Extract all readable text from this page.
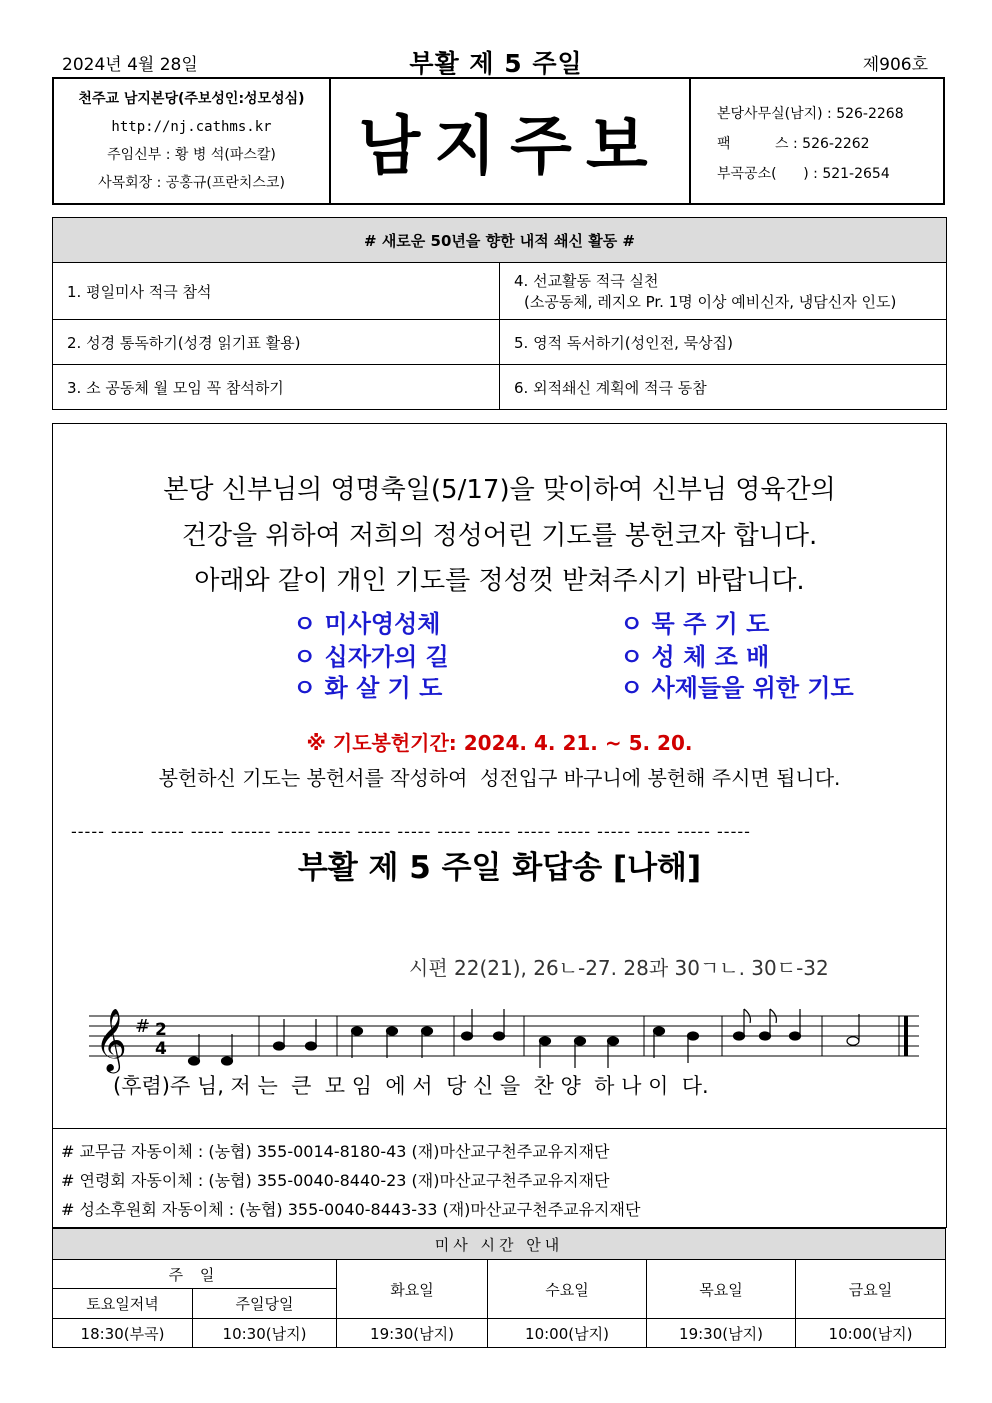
2024년 4월 28일	부활 제 5 주일	제906호
천주교 남지본당(주보성인:성모성심)
http://nj.cathms.kr
주임신부 : 황 병 석(파스칼)
사목회장 : 공홍규(프란치스코)	남지주보	본당사무실(남지) : 526-2268
팩          스 : 526-2262
부곡공소(      ) : 521-2654
# 새로운 50년을 향한 내적 쇄신 활동 #	
1. 평일미사 적극 참석	4. 선교활동 적극 실천
(소공동체, 레지오 Pr. 1명 이상 예비신자, 냉담신자 인도)

2. 성경 통독하기(성경 읽기표 활용)	5. 영적 독서하기(성인전, 묵상집)
3. 소 공동체 월 모임 꼭 참석하기	6. 외적쇄신 계획에 적극 동참
본당 신부님의 영명축일(5/17)을 맞이하여 신부님 영육간의
건강을 위하여 저희의 정성어린 기도를 봉헌코자 합니다.
아래와 같이 개인 기도를 정성껏 받쳐주시기 바랍니다.
ㅇ 미사영성체	ㅇ 묵 주 기 도
ㅇ 십자가의 길	ㅇ 성 체 조 배
ㅇ 화 살 기 도	ㅇ 사제들을 위한 기도
※ 기도봉헌기간: 2024. 4. 21. ~ 5. 20.
봉헌하신 기도는 봉헌서를 작성하여  성전입구 바구니에 봉헌해 주시면 됩니다.
----- ----- ----- ----- ------ ----- ----- ----- ----- ----- ----- ----- ----- ----- ----- ----- -----
부활 제 5 주일 화답송 [나해]
시편 22(21), 26ㄴ-27. 28과 30ㄱㄴ. 30ㄷ-32
𝄞 # 2
4
(후렴)주 님, 저 는  큰  모 임  에 서  당 신 을  찬 양  하 나 이  다.
# 교무금 자동이체 : (농협) 355-0014-8180-43 (재)마산교구천주교유지재단
# 연령회 자동이체 : (농협) 355-0040-8440-23 (재)마산교구천주교유지재단
# 성소후원회 자동이체 : (농협) 355-0040-8443-33 (재)마산교구천주교유지재단
미사 시간 안내					
주 일		화요일	수요일	목요일	금요일
토요일저녁	주일당일				
18:30(부곡)	10:30(남지)	19:30(남지)	10:00(남지)	19:30(남지)	10:00(남지)
